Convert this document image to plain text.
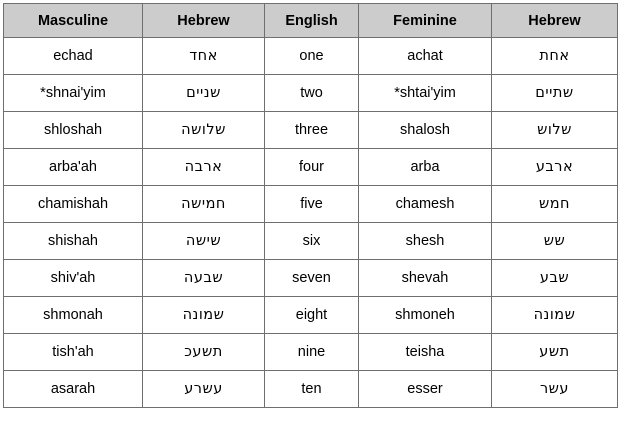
Masculine	Hebrew	English	Feminine	Hebrew
echad	אחד	one	achat	אחת
*shnai'yim	שניים	two	*shtai'yim	שתיים
shloshah	שלושה	three	shalosh	שלוש
arba'ah	ארבה	four	arba	ארבע
chamishah	חמישה	five	chamesh	חמש
shishah	שישה	six	shesh	שש
shiv'ah	שבעה	seven	shevah	שבע
shmonah	שמונה	eight	shmoneh	שמונה
tish'ah	תשעכ	nine	teisha	תשע
asarah	עשרע	ten	esser	עשר
